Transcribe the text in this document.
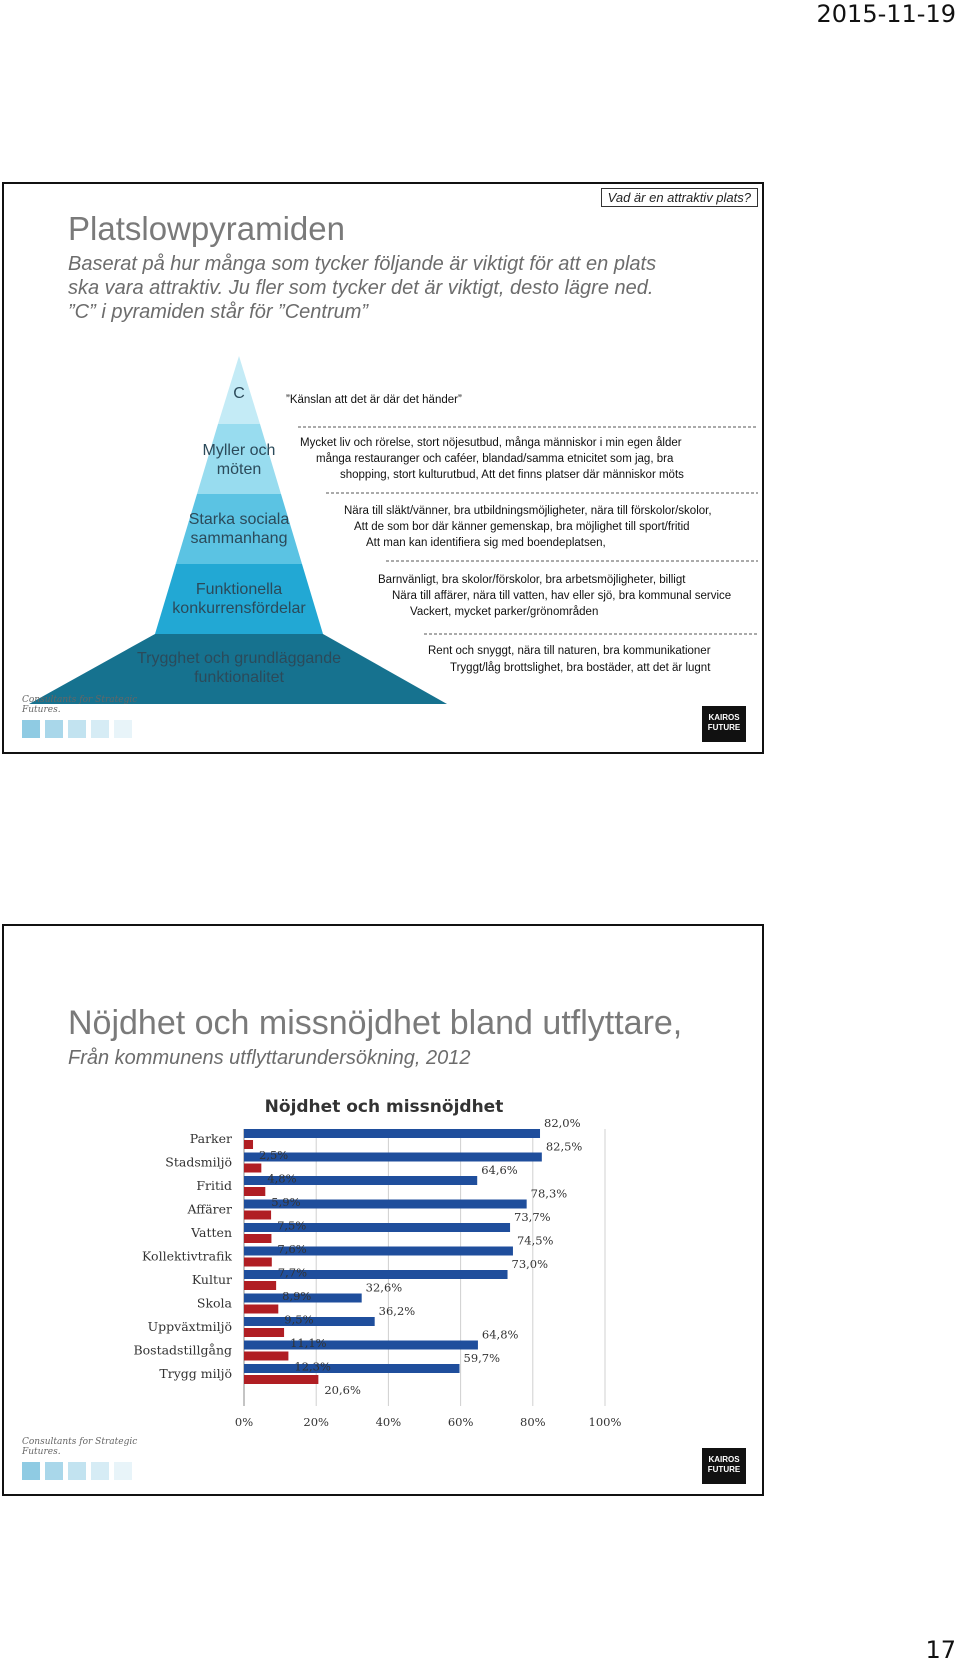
2015-11-19
Vad är en attraktiv plats?
Platslowpyramiden
Baserat på hur många som tycker följande är viktigt för att en plats
ska vara attraktiv. Ju fler som tycker det är viktigt, desto lägre ned.
”C” i pyramiden står för ”Centrum”
C
Myller och
möten
Starka sociala
sammanhang
Funktionella
konkurrensfördelar
Trygghet och grundläggande
funktionalitet
”Känslan att det är där det händer”
Mycket liv och rörelse, stort nöjesutbud, många människor i min egen ålder
många restauranger och caféer, blandad/samma etnicitet som jag, bra
shopping, stort kulturutbud, Att det finns platser där människor möts
Nära till släkt/vänner, bra utbildningsmöjligheter, nära till förskolor/skolor,
Att de som bor där känner gemenskap, bra möjlighet till sport/fritid
Att man kan identifiera sig med boendeplatsen,
Barnvänligt, bra skolor/förskolor, bra arbetsmöjligheter, billigt
Nära till affärer, nära till vatten, hav eller sjö, bra kommunal service
Vackert, mycket parker/grönområden
Rent och snyggt, nära till naturen, bra kommunikationer
Tryggt/låg brottslighet, bra bostäder, att det är lugnt
Consultants for Strategic Futures.
KAIROS
FUTURE
Nöjdhet och missnöjdhet bland utflyttare,
Från kommunens utflyttarundersökning, 2012
Nöjdhet och missnöjdhet
Parker
Stadsmiljö
Fritid
Affärer
Vatten
Kollektivtrafik
Kultur
Skola
Uppväxtmiljö
Bostadstillgång
Trygg miljö
82,0%
2,5%
82,5%
4,8%
64,6%
5,9%
78,3%
7,5%
73,7%
7,6%
74,5%
7,7%
73,0%
8,9%
32,6%
9,5%
36,2%
11,1%
64,8%
12,3%
59,7%
20,6%
0%	20%	40%	60%	80%	100%
Consultants for Strategic Futures.
KAIROS
FUTURE
17
